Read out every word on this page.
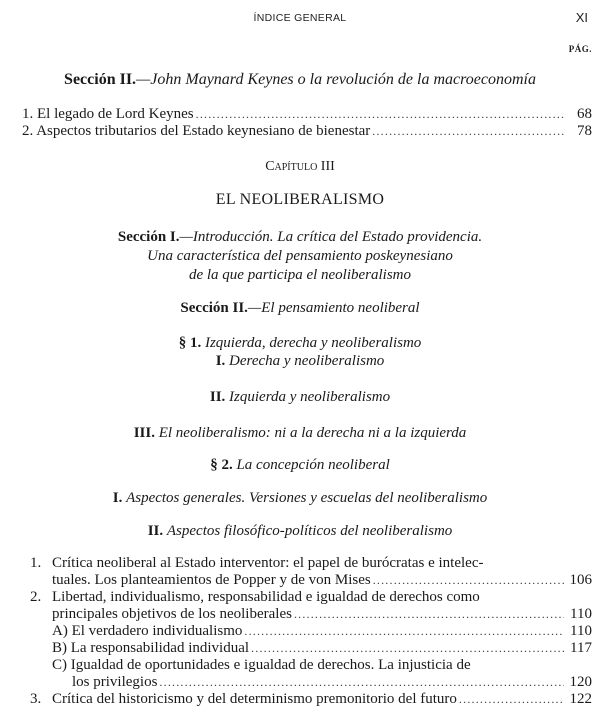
ÍNDICE GENERAL	XI
PÁG.
Sección II.—John Maynard Keynes o la revolución de la macroeconomía
1. El legado de Lord Keynes .....	68
2. Aspectos tributarios del Estado keynesiano de bienestar .....	78
Capítulo III
EL NEOLIBERALISMO
Sección I.—Introducción. La crítica del Estado providencia.
Una característica del pensamiento poskeynesiano
de la que participa el neoliberalismo
Sección II.—El pensamiento neoliberal
§ 1. Izquierda, derecha y neoliberalismo
I. Derecha y neoliberalismo
II. Izquierda y neoliberalismo
III. El neoliberalismo: ni a la derecha ni a la izquierda
§ 2. La concepción neoliberal
I. Aspectos generales. Versiones y escuelas del neoliberalismo
II. Aspectos filosófico-políticos del neoliberalismo
1. Crítica neoliberal al Estado interventor: el papel de burócratas e intelec-
tuales. Los planteamientos de Popper y de von Mises .....	106
2. Libertad, individualismo, responsabilidad e igualdad de derechos como
principales objetivos de los neoliberales .....	110
A) El verdadero individualismo .....	110
B) La responsabilidad individual .....	117
C) Igualdad de oportunidades e igualdad de derechos. La injusticia de
los privilegios .....	120
3. Crítica del historicismo y del determinismo premonitorio del futuro .....	122
